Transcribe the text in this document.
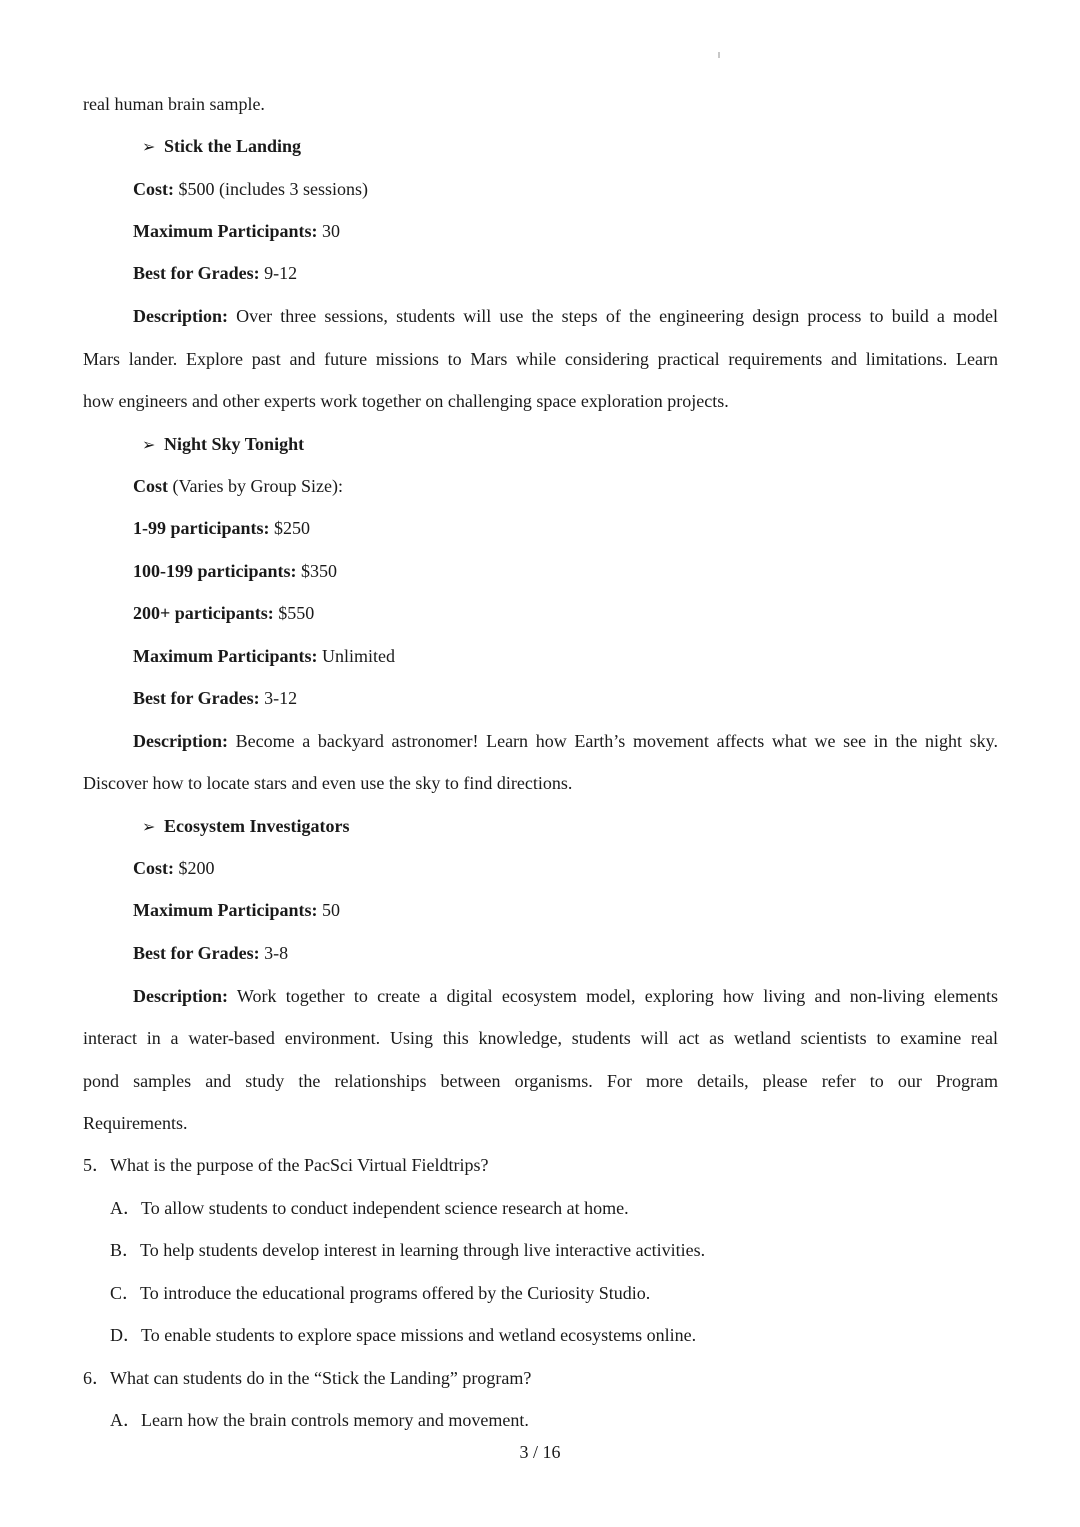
real human brain sample.
➢ Stick the Landing
Cost: $500 (includes 3 sessions)
Maximum Participants: 30
Best for Grades: 9-12
Description: Over three sessions, students will use the steps of the engineering design process to build a model
Mars lander. Explore past and future missions to Mars while considering practical requirements and limitations. Learn
how engineers and other experts work together on challenging space exploration projects.
➢ Night Sky Tonight
Cost (Varies by Group Size):
1-99 participants: $250
100-199 participants: $350
200+ participants: $550
Maximum Participants: Unlimited
Best for Grades: 3-12
Description: Become a backyard astronomer! Learn how Earth’s movement affects what we see in the night sky.
Discover how to locate stars and even use the sky to find directions.
➢ Ecosystem Investigators
Cost: $200
Maximum Participants: 50
Best for Grades: 3-8
Description: Work together to create a digital ecosystem model, exploring how living and non-living elements
interact in a water-based environment. Using this knowledge, students will act as wetland scientists to examine real
pond samples and study the relationships between organisms. For more details, please refer to our Program
Requirements.
5．What is the purpose of the PacSci Virtual Fieldtrips?
A．To allow students to conduct independent science research at home.
B．To help students develop interest in learning through live interactive activities.
C．To introduce the educational programs offered by the Curiosity Studio.
D．To enable students to explore space missions and wetland ecosystems online.
6．What can students do in the “Stick the Landing” program?
A．Learn how the brain controls memory and movement.
3 / 16
